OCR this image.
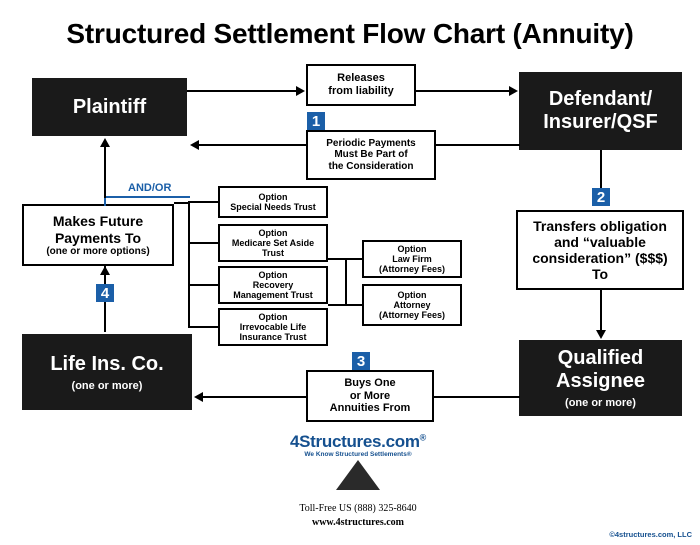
Structured Settlement Flow Chart (Annuity)
Plaintiff	Defendant/
Insurer/QSF
Releases
from liability
1
Periodic Payments
Must Be Part of
the Consideration
2
Transfers obligation
and “valuable
consideration” ($$$)
To
Qualified
Assignee
(one or more)
Makes Future
Payments To
(one or more options)
AND/OR
4
Life Ins. Co.
(one or more)
Option
Special Needs Trust
Option
Medicare Set Aside
Trust
Option
Recovery
Management Trust
Option
Irrevocable Life
Insurance Trust
Option
Law Firm
(Attorney Fees)
Option
Attorney
(Attorney Fees)
3
Buys One
or More
Annuities From
4Structures.com®
We Know Structured Settlements®
Toll-Free US (888) 325-8640
www.4structures.com
©4structures.com, LLC
